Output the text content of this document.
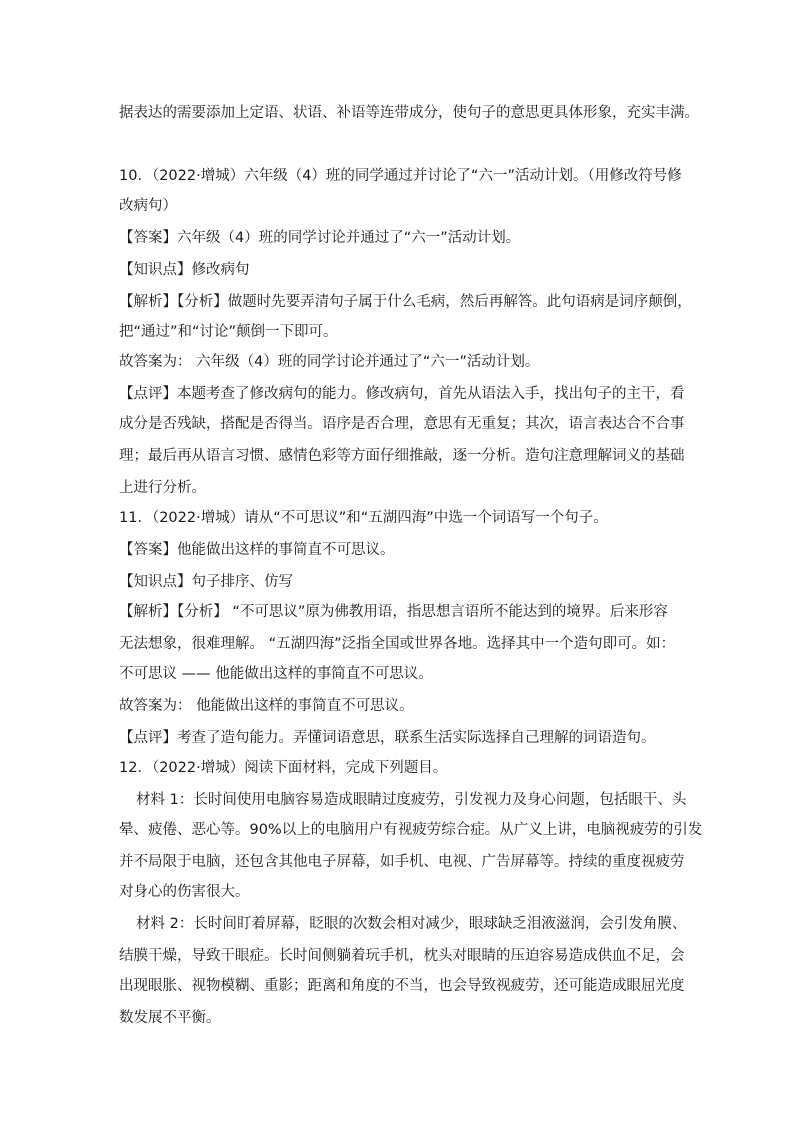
据表达的需要添加上定语、状语、补语等连带成分，使句子的意思更具体形象，充实丰满。
10．（2022·增城）六年级（4）班的同学通过并讨论了“六一”活动计划。（用修改符号修
改病句）
【答案】六年级（4）班的同学讨论并通过了“六一”活动计划。
【知识点】修改病句
【解析】【分析】做题时先要弄清句子属于什么毛病，然后再解答。此句语病是词序颠倒，
把“通过”和“讨论”颠倒一下即可。
故答案为： 六年级（4）班的同学讨论并通过了“六一”活动计划。
【点评】本题考查了修改病句的能力。修改病句，首先从语法入手，找出句子的主干，看
成分是否残缺，搭配是否得当。语序是否合理，意思有无重复；其次，语言表达合不合事
理；最后再从语言习惯、感情色彩等方面仔细推敲，逐一分析。造句注意理解词义的基础
上进行分析。
11．（2022·增城）请从“不可思议”和“五湖四海”中选一个词语写一个句子。
【答案】他能做出这样的事简直不可思议。
【知识点】句子排序、仿写
【解析】【分析】 “不可思议”原为佛教用语，指思想言语所不能达到的境界。后来形容
无法想象，很难理解。 “五湖四海”泛指全国或世界各地。选择其中一个造句即可。如：
不可思议 —— 他能做出这样的事简直不可思议。
故答案为： 他能做出这样的事简直不可思议。
【点评】考查了造句能力。弄懂词语意思，联系生活实际选择自己理解的词语造句。
12．（2022·增城）阅读下面材料，完成下列题目。
材料 1：长时间使用电脑容易造成眼睛过度疲劳，引发视力及身心问题，包括眼干、头
晕、疲倦、恶心等。90%以上的电脑用户有视疲劳综合症。从广义上讲，电脑视疲劳的引发
并不局限于电脑，还包含其他电子屏幕，如手机、电视、广告屏幕等。持续的重度视疲劳
对身心的伤害很大。
材料 2：长时间盯着屏幕，眨眼的次数会相对减少，眼球缺乏泪液滋润，会引发角膜、
结膜干燥，导致干眼症。长时间侧躺着玩手机，枕头对眼睛的压迫容易造成供血不足，会
出现眼胀、视物模糊、重影；距离和角度的不当，也会导致视疲劳，还可能造成眼屈光度
数发展不平衡。
